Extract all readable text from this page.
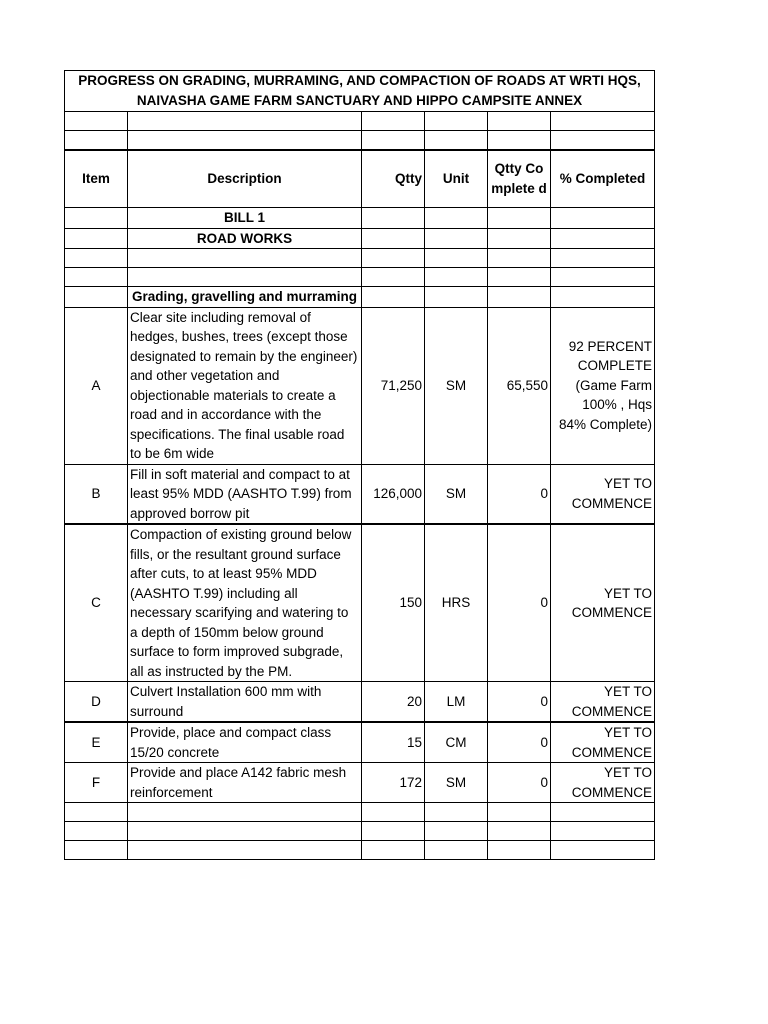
PROGRESS ON GRADING, MURRAMING, AND COMPACTION OF ROADS AT WRTI HQS,
NAIVASHA GAME FARM SANCTUARY AND HIPPO CAMPSITE ANNEX					

Item	Description	Qtty	Unit	Qtty Complete d	% Completed
	BILL 1				
	ROAD WORKS				

	Grading, gravelling and murraming				
A	Clear site including removal of hedges, bushes, trees (except those designated to remain by the engineer) and other vegetation and objectionable materials to create a road and in accordance with the specifications. The final usable road to be 6m wide	71,250	SM	65,550	92 PERCENT COMPLETE (Game Farm 100% , Hqs 84% Complete)
B	Fill in soft material and compact to at least 95% MDD (AASHTO T.99) from approved borrow pit	126,000	SM	0	YET TO COMMENCE
C	Compaction of existing ground below fills, or the resultant ground surface after cuts, to at least 95% MDD (AASHTO T.99) including all necessary scarifying and watering to a depth of 150mm below ground surface to form improved subgrade, all as instructed by the PM.	150	HRS	0	YET TO COMMENCE
D	Culvert Installation 600 mm with surround	20	LM	0	YET TO COMMENCE
E	Provide, place and compact class 15/20 concrete	15	CM	0	YET TO COMMENCE
F	Provide and place A142 fabric mesh reinforcement	172	SM	0	YET TO COMMENCE
